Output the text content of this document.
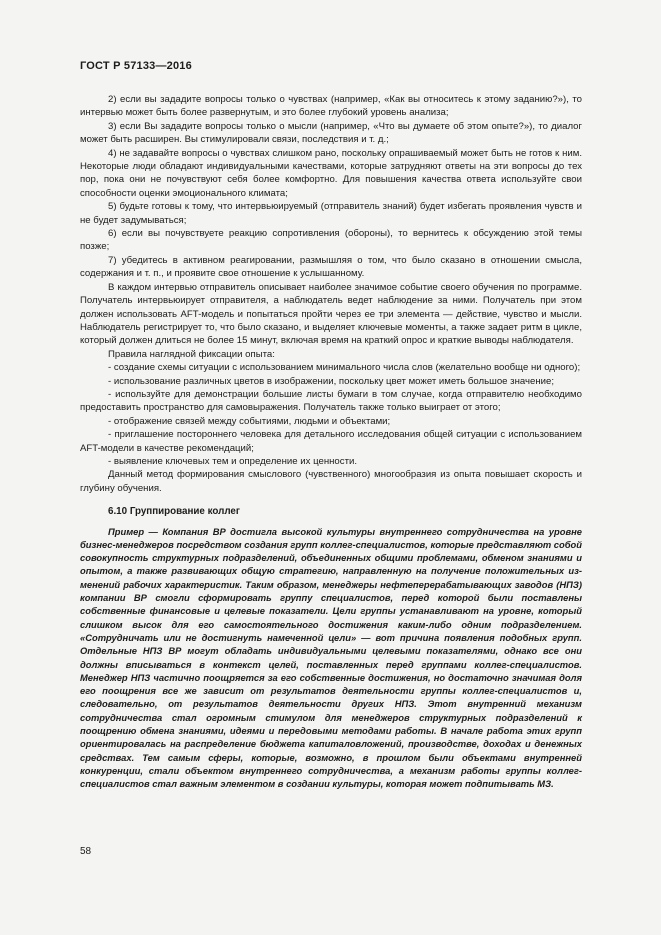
ГОСТ Р 57133—2016

2) если вы зададите вопросы только о чувствах (например, «Как вы относитесь к этому заданию?»), то интервью может быть более развернутым, и это более глубокий уровень анализа;

3) если Вы зададите вопросы только о мысли (например, «Что вы думаете об этом опыте?»), то диалог может быть расширен. Вы стимулировали связи, последствия и т. д.;

4) не задавайте вопросы о чувствах слишком рано, поскольку опрашиваемый может быть не готов к ним. Некоторые люди обладают индивидуальными качествами, которые затрудняют ответы на эти вопросы до тех пор, пока они не почувствуют себя более комфортно. Для повышения качества ответа используйте свои способности оценки эмоционального климата;

5) будьте готовы к тому, что интервьюируемый (отправитель знаний) будет избегать проявления чувств и не будет задумываться;

6) если вы почувствуете реакцию сопротивления (обороны), то вернитесь к обсуждению этой темы позже;

7) убедитесь в активном реагировании, размышляя о том, что было сказано в отношении смысла, содержания и т. п., и проявите свое отношение к услышанному.

В каждом интервью отправитель описывает наиболее значимое событие своего обучения по программе. Получатель интервьюирует отправителя, а наблюдатель ведет наблюдение за ними. Получатель при этом должен использовать AFT-модель и попытаться пройти через ее три элемента — действие, чувство и мысли. Наблюдатель регистрирует то, что было сказано, и выделяет ключевые моменты, а также задает ритм в цикле, который должен длиться не более 15 минут, включая время на краткий опрос и краткие выводы наблюдателя.

Правила наглядной фиксации опыта:

- создание схемы ситуации с использованием минимального числа слов (желательно вообще ни одного);

- использование различных цветов в изображении, поскольку цвет может иметь большое значение;

- используйте для демонстрации большие листы бумаги в том случае, когда отправителю необходимо предоставить пространство для самовыражения. Получатель также только выиграет от этого;

- отображение связей между событиями, людьми и объектами;

- приглашение постороннего человека для детального исследования общей ситуации с использованием AFT-модели в качестве рекомендаций;

- выявление ключевых тем и определение их ценности.

Данный метод формирования смыслового (чувственного) многообразия из опыта повышает скорость и глубину обучения.

6.10 Группирование коллег

Пример — Компания ВР достигла высокой культуры внутреннего сотрудничества на уровне бизнес-менеджеров посредством создания групп коллег-специалистов, которые представляют собой совокупность структурных подразделений, объединенных общими проблемами, обменом знаниями и опытом, а также развивающих общую стратегию, направленную на получение положительных изменений рабочих характеристик. Таким образом, менеджеры нефтеперерабатывающих заводов (НПЗ) компании ВР смогли сформировать группу специалистов, перед которой были поставлены собственные финансовые и целевые показатели. Цели группы устанавливают на уровне, который слишком высок для его самостоятельного достижения каким-либо одним подразделением. «Сотрудничать или не достигнуть намеченной цели» — вот причина появления подобных групп. Отдельные НПЗ ВР могут обладать индивидуальными целевыми показателями, однако все они должны вписываться в контекст целей, поставленных перед группами коллег-специалистов. Менеджер НПЗ частично поощряется за его собственные достижения, но достаточно значимая доля его поощрения все же зависит от результатов деятельности группы коллег-специалистов и, следовательно, от результатов деятельности других НПЗ. Этот внутренний механизм сотрудничества стал огромным стимулом для менеджеров структурных подразделений к поощрению обмена знаниями, идеями и передовыми методами работы. В начале работа этих групп ориентировалась на распределение бюджета капиталовложений, производстве, доходах и денежных средствах. Тем самым сферы, которые, возможно, в прошлом были объектами внутренней конкуренции, стали объектом внутреннего сотрудничества, а механизм работы группы коллег-специалистов стал важным элементом в создании культуры, которая может подпитывать МЗ.

58
